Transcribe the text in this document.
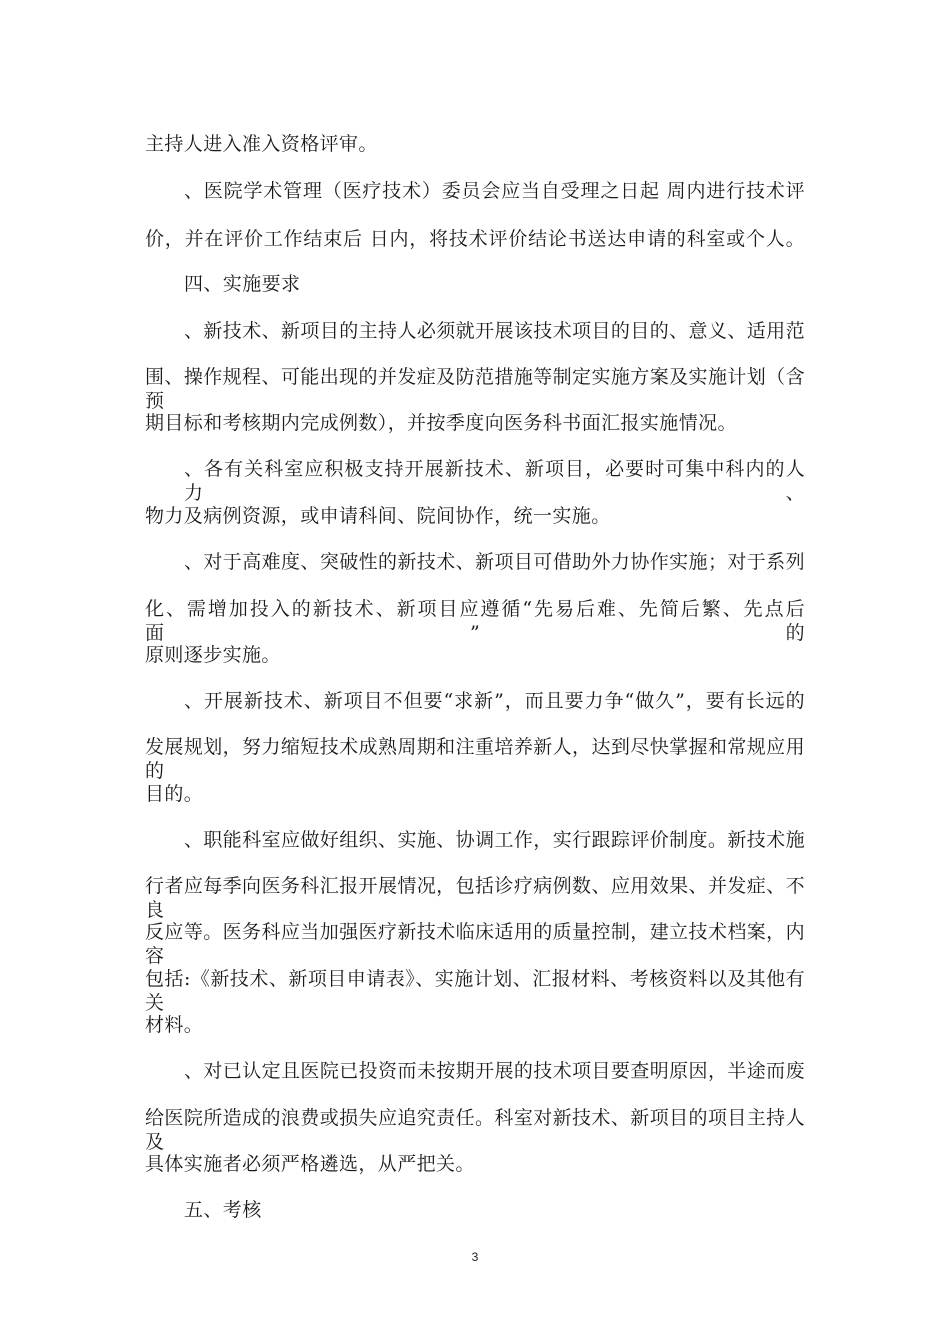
主持人进入准入资格评审。
、医院学术管理（医疗技术）委员会应当自受理之日起 周内进行技术评
价，并在评价工作结束后 日内，将技术评价结论书送达申请的科室或个人。
四、实施要求
、新技术、新项目的主持人必须就开展该技术项目的目的、意义、适用范
围、操作规程、可能出现的并发症及防范措施等制定实施方案及实施计划（含预
期目标和考核期内完成例数），并按季度向医务科书面汇报实施情况。
、各有关科室应积极支持开展新技术、新项目，必要时可集中科内的人力、
物力及病例资源，或申请科间、院间协作，统一实施。
、对于高难度、突破性的新技术、新项目可借助外力协作实施；对于系列
化、需增加投入的新技术、新项目应遵循“先易后难、先简后繁、先点后面”的
原则逐步实施。
、开展新技术、新项目不但要“求新”，而且要力争“做久”，要有长远的
发展规划，努力缩短技术成熟周期和注重培养新人，达到尽快掌握和常规应用的
目的。
、职能科室应做好组织、实施、协调工作，实行跟踪评价制度。新技术施
行者应每季向医务科汇报开展情况，包括诊疗病例数、应用效果、并发症、不良
反应等。医务科应当加强医疗新技术临床适用的质量控制，建立技术档案，内容
包括:《新技术、新项目申请表》、实施计划、汇报材料、考核资料以及其他有关
材料。
、对已认定且医院已投资而未按期开展的技术项目要查明原因，半途而废
给医院所造成的浪费或损失应追究责任。科室对新技术、新项目的项目主持人及
具体实施者必须严格遴选，从严把关。
五、考核
3
